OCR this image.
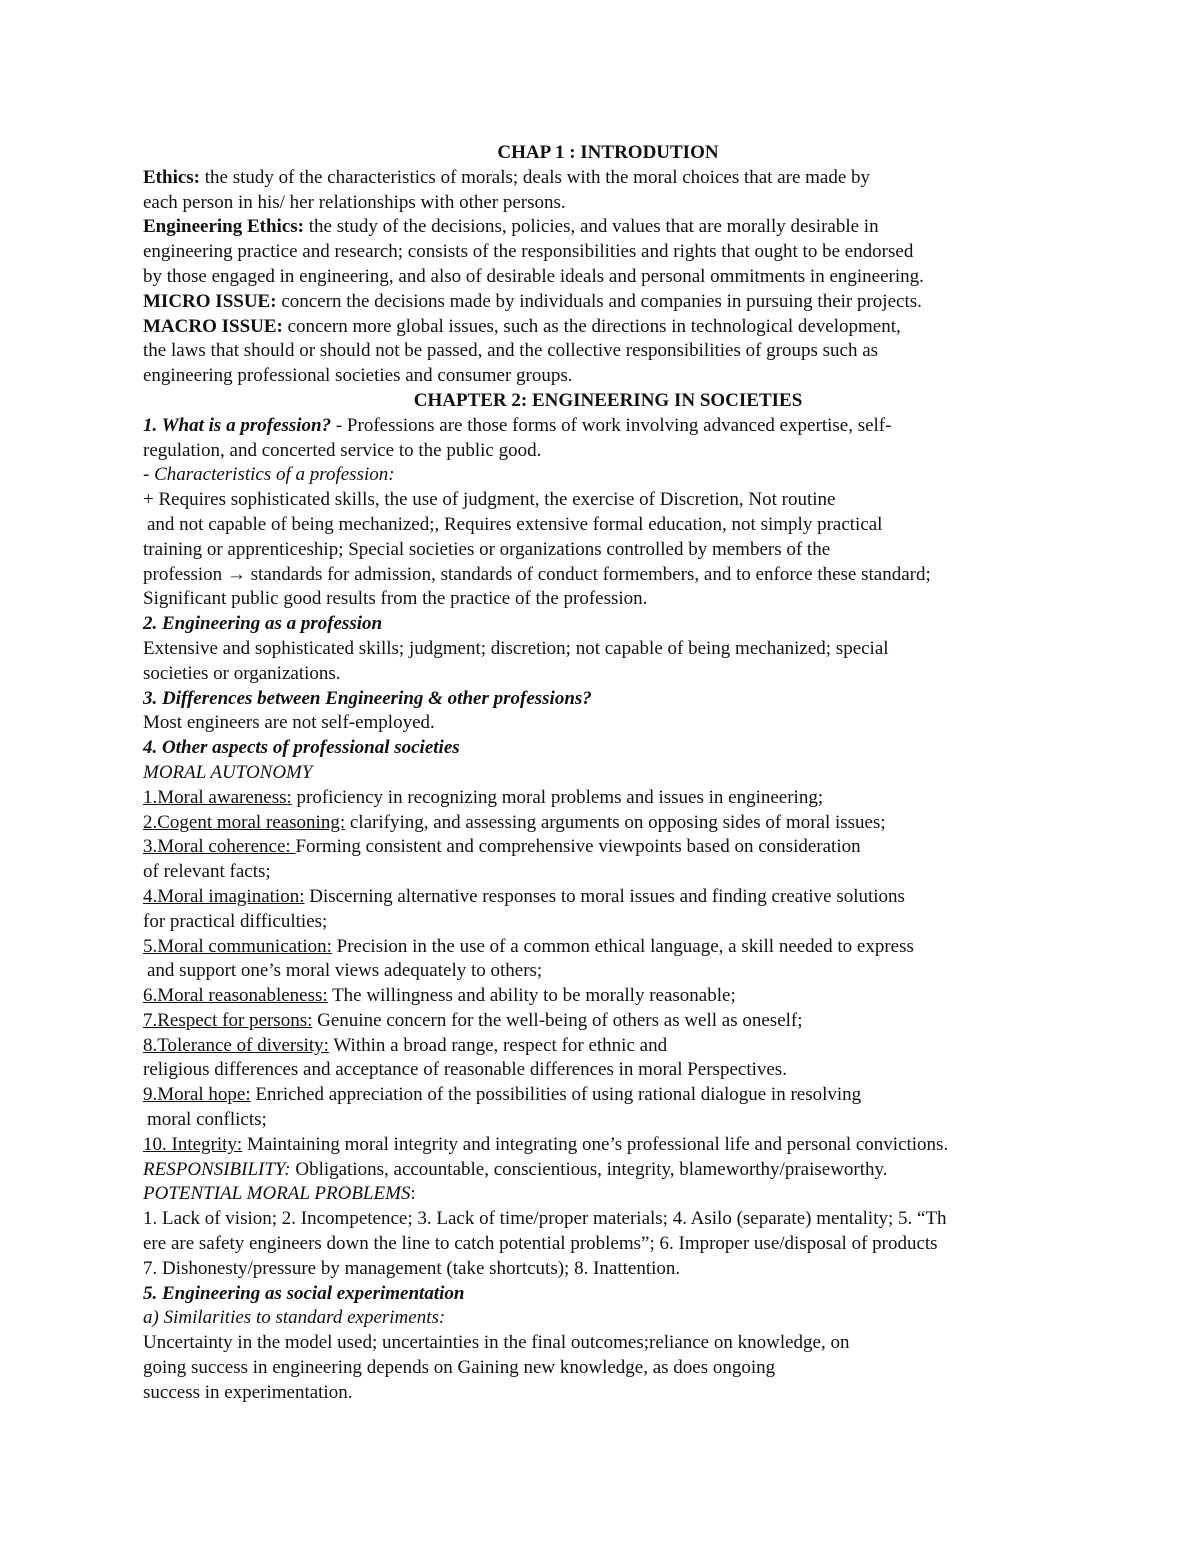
CHAP 1 : INTRODUTION
Ethics: the study of the characteristics of morals; deals with the moral choices that are made by
each person in his/ her relationships with other persons.
Engineering Ethics: the study of the decisions, policies, and values that are morally desirable in
engineering practice and research; consists of the responsibilities and rights that ought to be endorsed
by those engaged in engineering, and also of desirable ideals and personal ommitments in engineering.
MICRO ISSUE: concern the decisions made by individuals and companies in pursuing their projects.
MACRO ISSUE: concern more global issues, such as the directions in technological development,
the laws that should or should not be passed, and the collective responsibilities of groups such as
engineering professional societies and consumer groups.
CHAPTER 2: ENGINEERING IN SOCIETIES
1. What is a profession? - Professions are those forms of work involving advanced expertise, self-
regulation, and concerted service to the public good.
- Characteristics of a profession:
+ Requires sophisticated skills, the use of judgment, the exercise of Discretion, Not routine
and not capable of being mechanized;, Requires extensive formal education, not simply practical
training or apprenticeship; Special societies or organizations controlled by members of the
profession → standards for admission, standards of conduct formembers, and to enforce these standard;
Significant public good results from the practice of the profession.
2. Engineering as a profession
Extensive and sophisticated skills; judgment; discretion; not capable of being mechanized; special
societies or organizations.
3. Differences between Engineering & other professions?
Most engineers are not self-employed.
4. Other aspects of professional societies
MORAL AUTONOMY
1.Moral awareness: proficiency in recognizing moral problems and issues in engineering;
2.Cogent moral reasoning: clarifying, and assessing arguments on opposing sides of moral issues;
3.Moral coherence: Forming consistent and comprehensive viewpoints based on consideration
of relevant facts;
4.Moral imagination: Discerning alternative responses to moral issues and finding creative solutions
for practical difficulties;
5.Moral communication: Precision in the use of a common ethical language, a skill needed to express
and support one’s moral views adequately to others;
6.Moral reasonableness: The willingness and ability to be morally reasonable;
7.Respect for persons: Genuine concern for the well-being of others as well as oneself;
8.Tolerance of diversity: Within a broad range, respect for ethnic and
religious differences and acceptance of reasonable differences in moral Perspectives.
9.Moral hope: Enriched appreciation of the possibilities of using rational dialogue in resolving
moral conflicts;
10. Integrity: Maintaining moral integrity and integrating one’s professional life and personal convictions.
RESPONSIBILITY: Obligations, accountable, conscientious, integrity, blameworthy/praiseworthy.
POTENTIAL MORAL PROBLEMS:
1. Lack of vision; 2. Incompetence; 3. Lack of time/proper materials; 4. Asilo (separate) mentality; 5. “Th
ere are safety engineers down the line to catch potential problems”; 6. Improper use/disposal of products
7. Dishonesty/pressure by management (take shortcuts); 8. Inattention.
5. Engineering as social experimentation
a) Similarities to standard experiments:
Uncertainty in the model used; uncertainties in the final outcomes;reliance on knowledge, on
going success in engineering depends on Gaining new knowledge, as does ongoing
success in experimentation.
